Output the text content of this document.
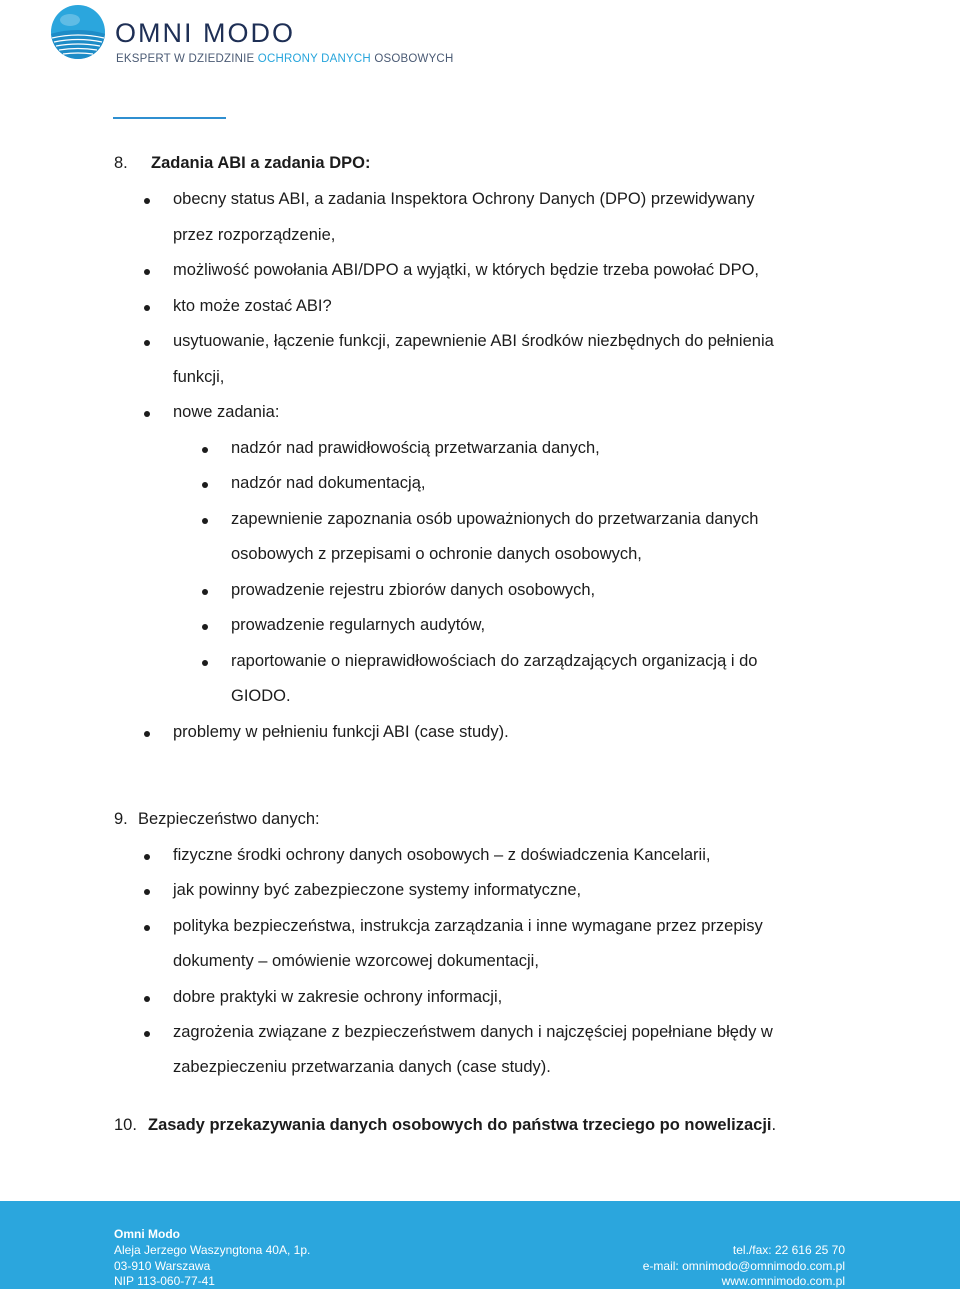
OMNI MODO
EKSPERT W DZIEDZINIE OCHRONY DANYCH OSOBOWYCH
8. Zadania ABI a zadania DPO:
obecny status ABI, a zadania Inspektora Ochrony Danych (DPO) przewidywany
przez rozporządzenie,
możliwość powołania ABI/DPO a wyjątki, w których będzie trzeba powołać DPO,
kto może zostać ABI?
usytuowanie, łączenie funkcji, zapewnienie ABI środków niezbędnych do pełnienia
funkcji,
nowe zadania:
nadzór nad prawidłowością przetwarzania danych,
nadzór nad dokumentacją,
zapewnienie zapoznania osób upoważnionych do przetwarzania danych
osobowych z przepisami o ochronie danych osobowych,
prowadzenie rejestru zbiorów danych osobowych,
prowadzenie regularnych audytów,
raportowanie o nieprawidłowościach do zarządzających organizacją i do
GIODO.
problemy w pełnieniu funkcji ABI (case study).
9. Bezpieczeństwo danych:
fizyczne środki ochrony danych osobowych – z doświadczenia Kancelarii,
jak powinny być zabezpieczone systemy informatyczne,
polityka bezpieczeństwa, instrukcja zarządzania i inne wymagane przez przepisy
dokumenty – omówienie wzorcowej dokumentacji,
dobre praktyki w zakresie ochrony informacji,
zagrożenia związane z bezpieczeństwem danych i najczęściej popełniane błędy w
zabezpieczeniu przetwarzania danych (case study).
10. Zasady przekazywania danych osobowych do państwa trzeciego po nowelizacji.
Omni Modo
Aleja Jerzego Waszyngtona 40A, 1p.
03-910 Warszawa
NIP 113-060-77-41
tel./fax: 22 616 25 70
e-mail: omnimodo@omnimodo.com.pl
www.omnimodo.com.pl
